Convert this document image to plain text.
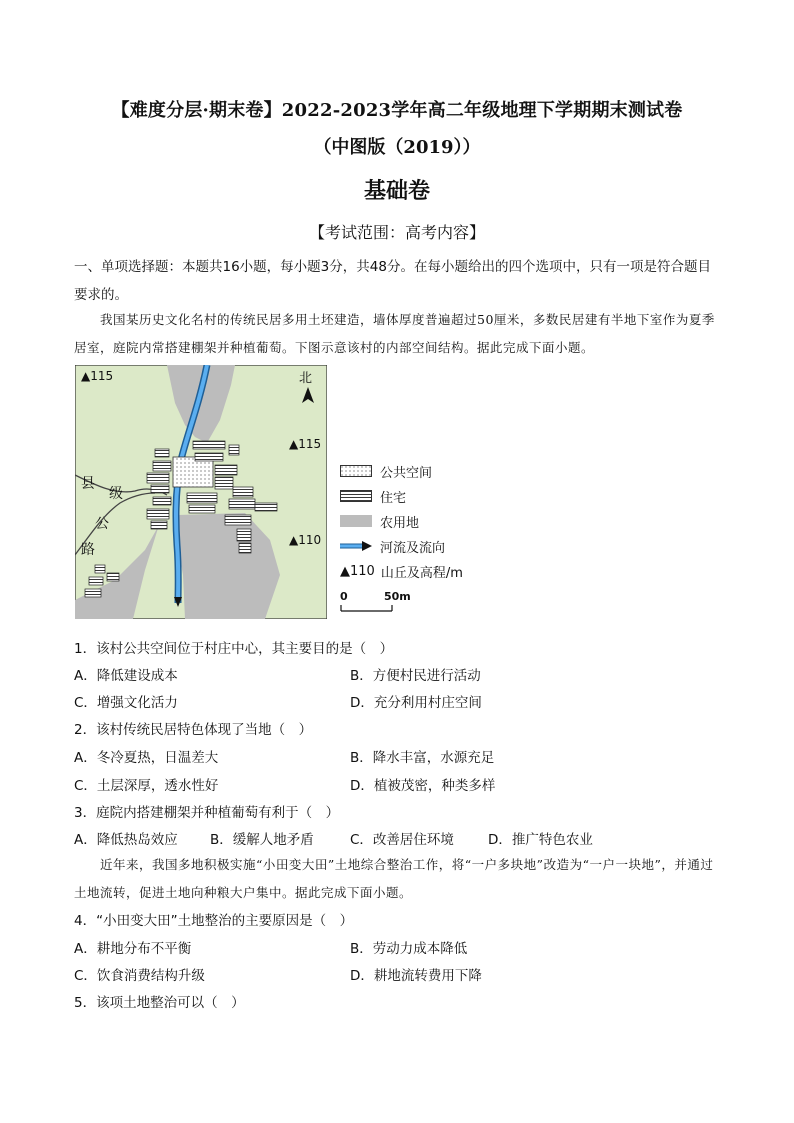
【难度分层·期末卷】2022-2023学年高二年级地理下学期期末测试卷
（中图版（2019））
基础卷
【考试范围：高考内容】
一、单项选择题：本题共16小题，每小题3分，共48分。在每小题给出的四个选项中，只有一项是符合题目要求的。
我国某历史文化名村的传统民居多用土坯建造，墙体厚度普遍超过50厘米，多数民居建有半地下室作为夏季居室，庭院内常搭建棚架并种植葡萄。下图示意该村的内部空间结构。据此完成下面小题。
北
▲115
▲115
▲110
县
级
公
路
公共空间
住宅
农用地
河流及流向
▲110 山丘及高程/m
0	50m
1．该村公共空间位于村庄中心，其主要目的是（　）
A．降低建设成本	B．方便村民进行活动
C．增强文化活力	D．充分利用村庄空间
2．该村传统民居特色体现了当地（　）
A．冬冷夏热，日温差大	B．降水丰富，水源充足
C．土层深厚，透水性好	D．植被茂密，种类多样
3．庭院内搭建棚架并种植葡萄有利于（　）
A．降低热岛效应 B．缓解人地矛盾	C．改善居住环境	D．推广特色农业
近年来，我国多地积极实施“小田变大田”土地综合整治工作，将“一户多块地”改造为“一户一块地”，并通过土地流转，促进土地向种粮大户集中。据此完成下面小题。
4．“小田变大田”土地整治的主要原因是（　）
A．耕地分布不平衡	B．劳动力成本降低
C．饮食消费结构升级	D．耕地流转费用下降
5．该项土地整治可以（　）
